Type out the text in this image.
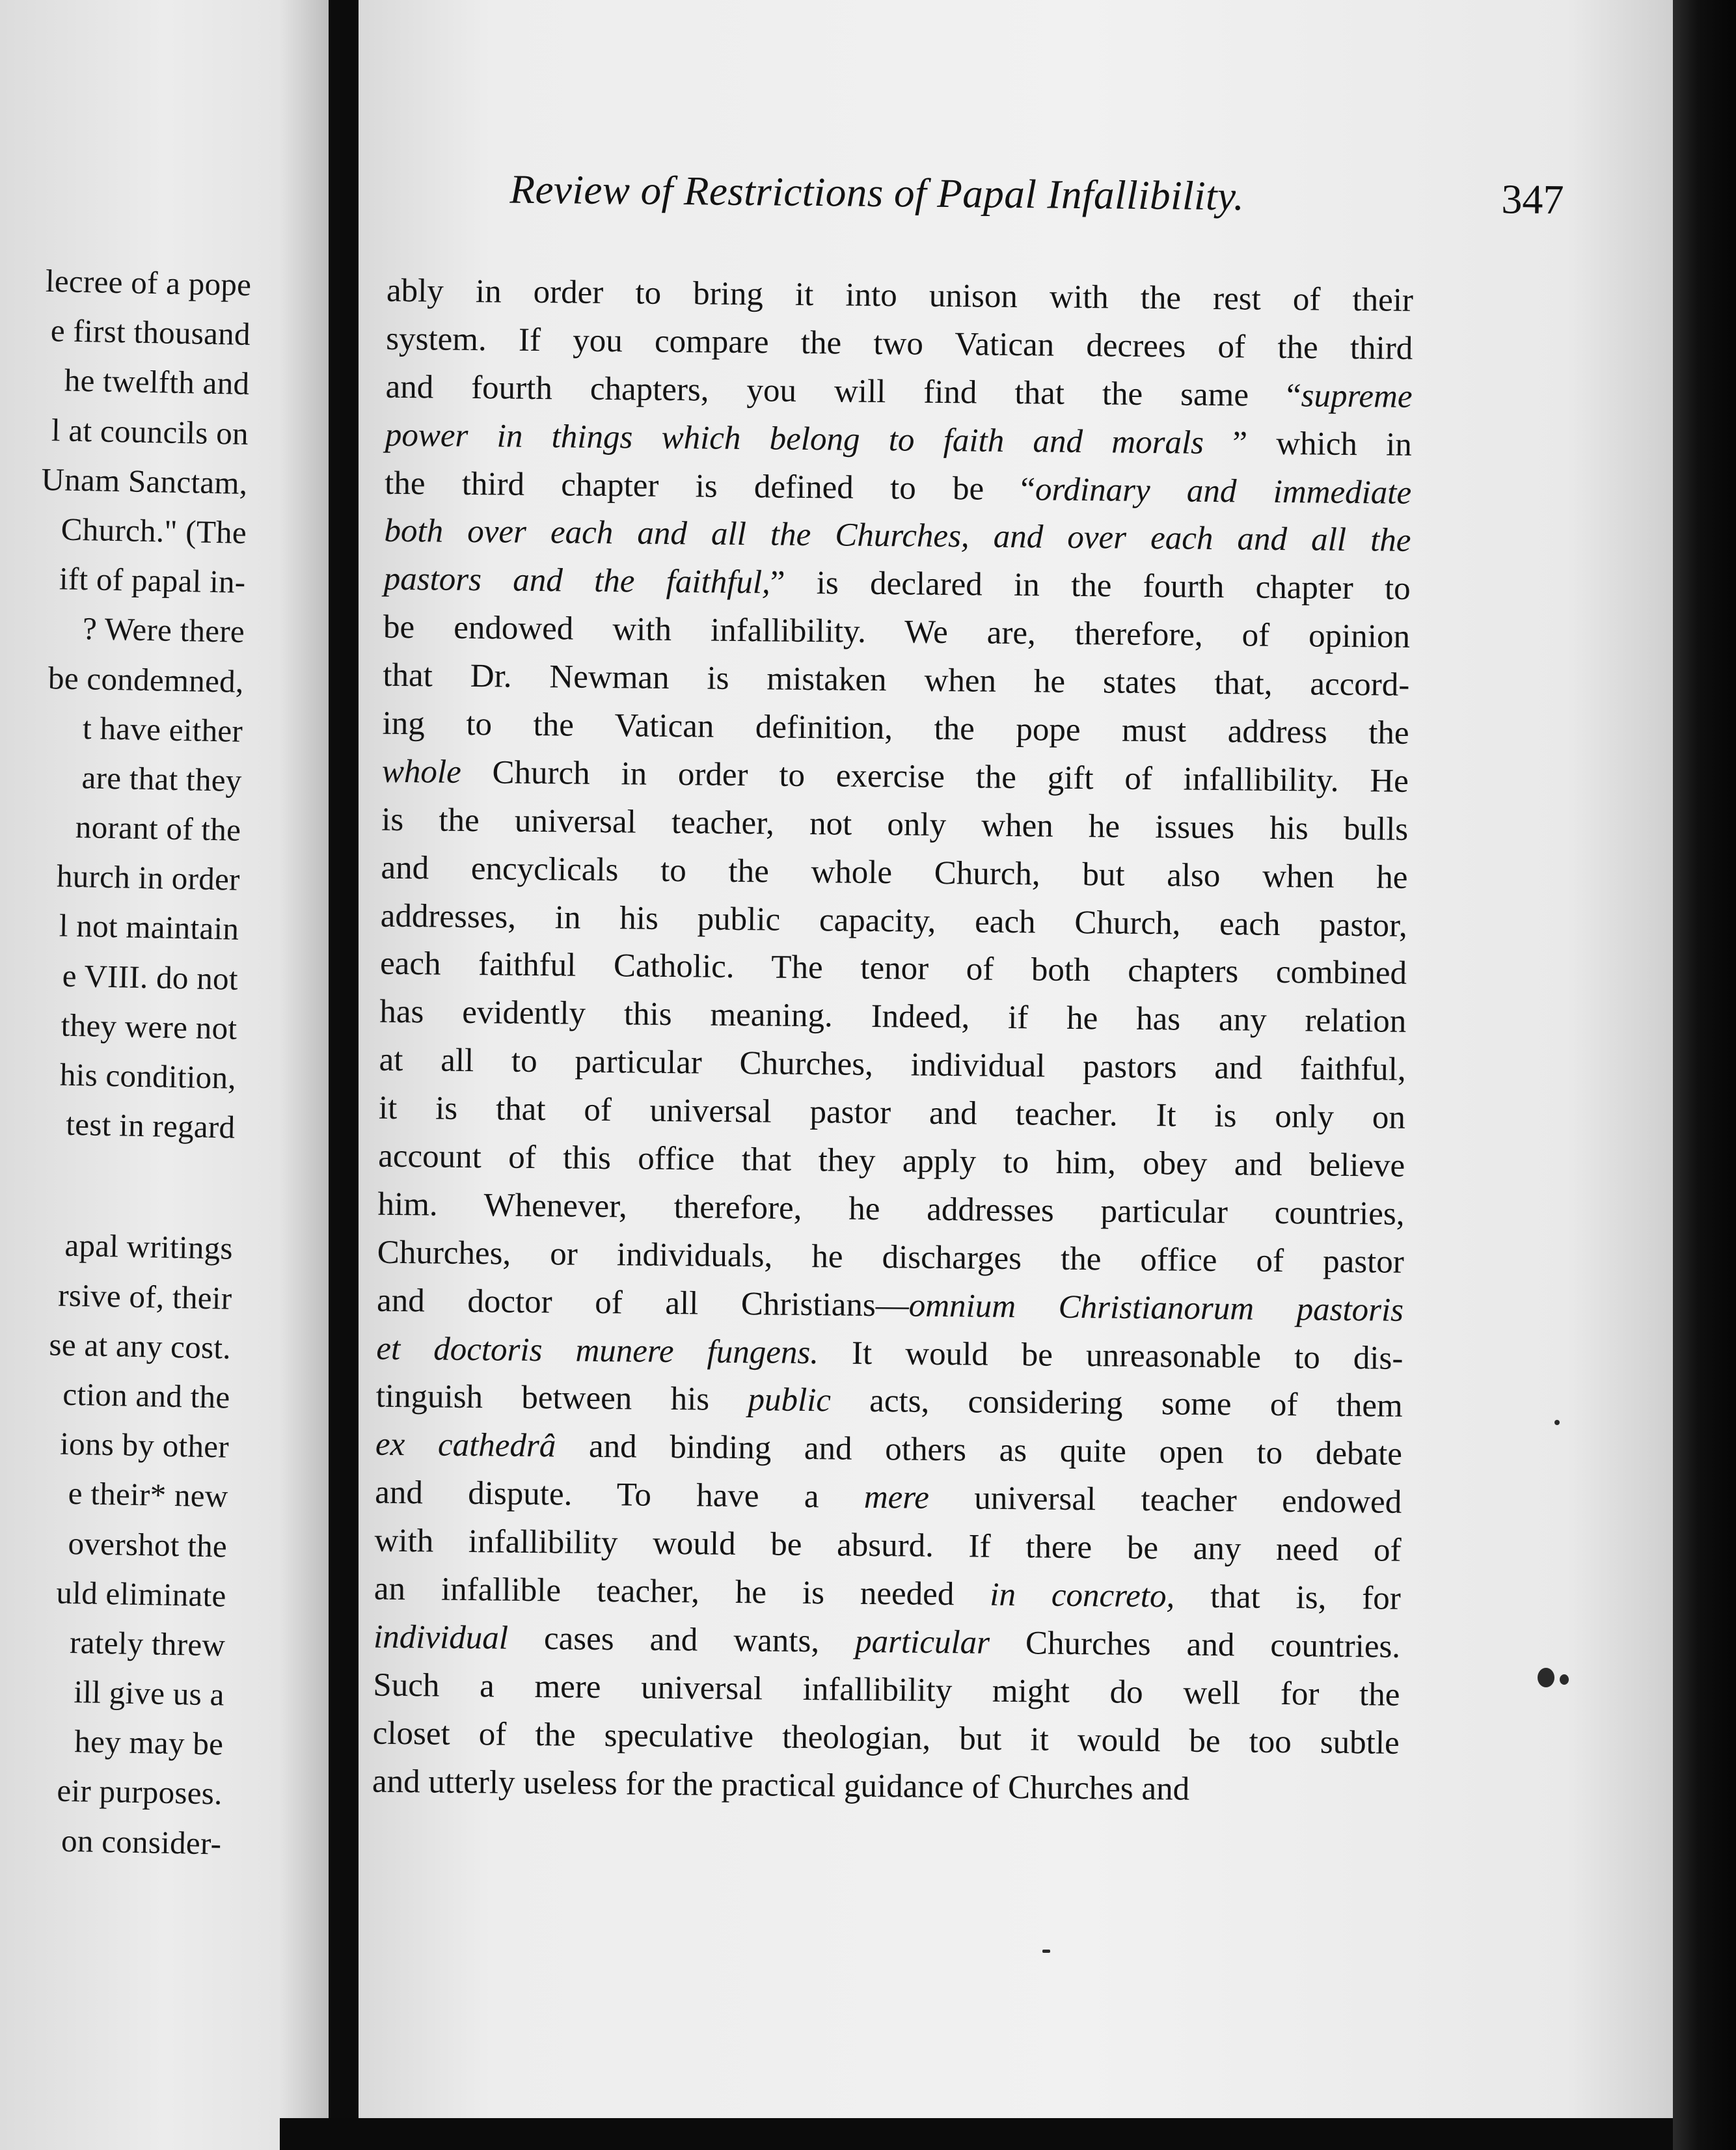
lecree of a pope
e first thousand
he twelfth and
l at councils on
Unam Sanctam,
Church." (The
ift of papal in-
? Were there
be condemned,
t have either
are that they
norant of the
hurch in order
l not maintain
e VIII. do not
they were not
his condition,
test in regard
apal writings
rsive of, their
se at any cost.
ction and the
ions by other
e their* new
overshot the
uld eliminate
rately threw
ill give us a
hey may be
eir purposes.
on consider-
Review of Restrictions of Papal Infallibility.	347
ably in order to bring it into unison with the rest of their
system. If you compare the two Vatican decrees of the third
and fourth chapters, you will find that the same “supreme
power in things which belong to faith and morals ” which in
the third chapter is defined to be “ordinary and immediate
both over each and all the Churches, and over each and all the
pastors and the faithful,” is declared in the fourth chapter to
be endowed with infallibility. We are, therefore, of opinion
that Dr. Newman is mistaken when he states that, accord-
ing to the Vatican definition, the pope must address the
whole Church in order to exercise the gift of infallibility. He
is the universal teacher, not only when he issues his bulls
and encyclicals to the whole Church, but also when he
addresses, in his public capacity, each Church, each pastor,
each faithful Catholic. The tenor of both chapters combined
has evidently this meaning. Indeed, if he has any relation
at all to particular Churches, individual pastors and faithful,
it is that of universal pastor and teacher. It is only on
account of this office that they apply to him, obey and believe
him. Whenever, therefore, he addresses particular countries,
Churches, or individuals, he discharges the office of pastor
and doctor of all Christians—omnium Christianorum pastoris
et doctoris munere fungens. It would be unreasonable to dis-
tinguish between his public acts, considering some of them
ex cathedrâ and binding and others as quite open to debate
and dispute. To have a mere universal teacher endowed
with infallibility would be absurd. If there be any need of
an infallible teacher, he is needed in concreto, that is, for
individual cases and wants, particular Churches and countries.
Such a mere universal infallibility might do well for the
closet of the speculative theologian, but it would be too subtle
and utterly useless for the practical guidance of Churches and
